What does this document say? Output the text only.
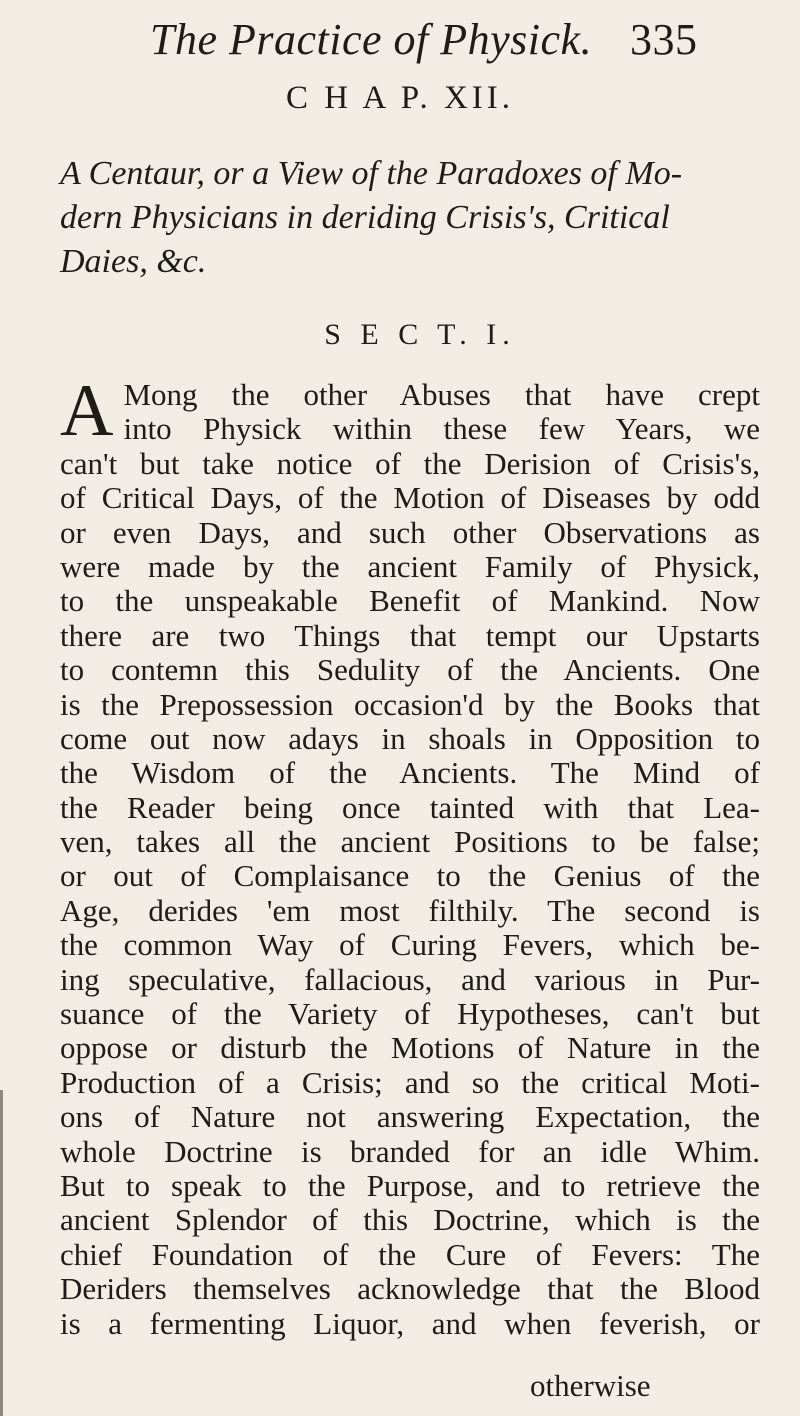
The Practice of Physick. 335
C H A P. XII.
A Centaur, or a View of the Paradoxes of Mo-
dern Physicians in deriding Crisis's, Critical
Daies, &c.
S E C T. I.
A Mong the other Abuses that have crept
into Physick within these few Years, we
can't but take notice of the Derision of Crisis's,
of Critical Days, of the Motion of Diseases by odd
or even Days, and such other Observations as
were made by the ancient Family of Physick,
to the unspeakable Benefit of Mankind. Now
there are two Things that tempt our Upstarts
to contemn this Sedulity of the Ancients. One
is the Prepossession occasion'd by the Books that
come out now adays in shoals in Opposition to
the Wisdom of the Ancients. The Mind of
the Reader being once tainted with that Lea-
ven, takes all the ancient Positions to be false;
or out of Complaisance to the Genius of the
Age, derides 'em most filthily. The second is
the common Way of Curing Fevers, which be-
ing speculative, fallacious, and various in Pur-
suance of the Variety of Hypotheses, can't but
oppose or disturb the Motions of Nature in the
Production of a Crisis; and so the critical Moti-
ons of Nature not answering Expectation, the
whole Doctrine is branded for an idle Whim.
But to speak to the Purpose, and to retrieve the
ancient Splendor of this Doctrine, which is the
chief Foundation of the Cure of Fevers: The
Deriders themselves acknowledge that the Blood
is a fermenting Liquor, and when feverish, or
otherwise
